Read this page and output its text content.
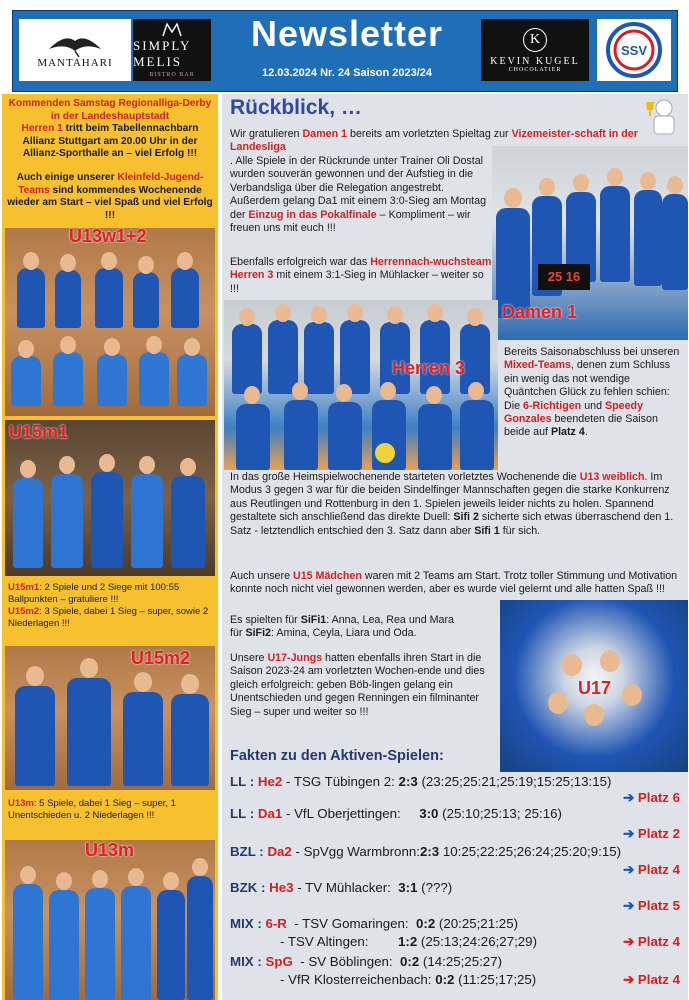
MANTAHARI
SIMPLY MELIS
BISTRO BAR
Newsletter
12.03.2024 Nr. 24 Saison 2023/24
K
KEVIN KUGEL
CHOCOLATIER
SSV
Kommenden Samstag Regionalliga-Derby in der Landeshauptstadt
Herren 1 tritt beim Tabellennachbarn Allianz Stuttgart am 20.00 Uhr in der Allianz-Sporthalle an – viel Erfolg !!!
Auch einige unserer Kleinfeld-Jugend-Teams sind kommendes Wochenende wieder am Start – viel Spaß und viel Erfolg !!!
U13w1+2
U15m1
U15m1: 2 Spiele und 2 Siege mit 100:55 Ballpunkten – gratuliere !!!
U15m2: 3 Spiele, dabei 1 Sieg – super, sowie 2 Niederlagen !!!
U15m2
U13m: 5 Spiele, dabei 1 Sieg – super, 1 Unentschieden u. 2 Niederlagen !!!
U13m
Rückblick, …
Wir gratulieren Damen 1 bereits am vorletzten Spieltag zur Vizemeister-schaft in der Landesliga
. Alle Spiele in der Rückrunde unter Trainer Oli Dostal wurden souverän gewonnen und der Aufstieg in die Verbandsliga über die Relegation angestrebt. Außerdem gelang Da1 mit einem 3:0-Sieg am Montag der Einzug in das Pokalfinale – Kompliment – wir freuen uns mit euch !!!
Ebenfalls erfolgreich war das Herrennach-wuchsteam Herren 3 mit einem 3:1-Sieg in Mühlacker – weiter so !!!
25 16
Damen 1
Herren 3
Bereits Saisonabschluss bei unseren Mixed-Teams, denen zum Schluss ein wenig das not wendige Quäntchen Glück zu fehlen schien:
Die 6-Richtigen und Speedy Gonzales beendeten die Saison beide auf Platz 4.
In das große Heimspielwochenende starteten vorletztes Wochenende die U13 weiblich. Im Modus 3 gegen 3 war für die beiden Sindelfinger Mannschaften gegen die starke Konkurrenz aus Reutlingen und Rottenburg in den 1. Spielen jeweils leider nichts zu holen. Spannend gestaltete sich anschließend das direkte Duell: Sifi 2 sicherte sich etwas überraschend den 1. Satz - letztendlich entschied den 3. Satz dann aber Sifi 1 für sich.
Auch unsere U15 Mädchen waren mit 2 Teams am Start. Trotz toller Stimmung und Motivation konnte noch nicht viel gewonnen werden, aber es wurde viel gelernt und alle hatten Spaß !!!
Es spielten für SiFi1: Anna, Lea, Rea und Mara
für SiFi2: Amina, Ceyla, Liara und Oda.
Unsere U17-Jungs hatten ebenfalls ihren Start in die Saison 2023-24 am vorletzten Wochen-ende und dies gleich erfolgreich: geben Böb-lingen gelang ein Unentschieden und gegen Renningen ein filminanter Sieg – super und weiter so !!!
U17
Fakten zu den Aktiven-Spielen:
LL : He2 - TSG Tübingen 2: 2:3 (23:25;25:21;25:19;15:25;13:15)
➔ Platz 6
LL : Da1 - VfL Oberjettingen:     3:0 (25:10;25:13; 25:16)
➔ Platz 2
BZL : Da2 - SpVgg Warmbronn:2:3 10:25;22:25;26:24;25:20;9:15)
➔ Platz 4
BZK : He3 - TV Mühlacker:  3:1 (???)
➔ Platz 5
MIX : 6-R  - TSV Gomaringen:  0:2 (20:25;21:25)
- TSV Altingen:        1:2 (25:13;24:26;27;29)	➔ Platz 4
MIX : SpG  - SV Böblingen:  0:2 (14:25;25:27)
- VfR Klosterreichenbach: 0:2 (11:25;17;25)	➔ Platz 4
